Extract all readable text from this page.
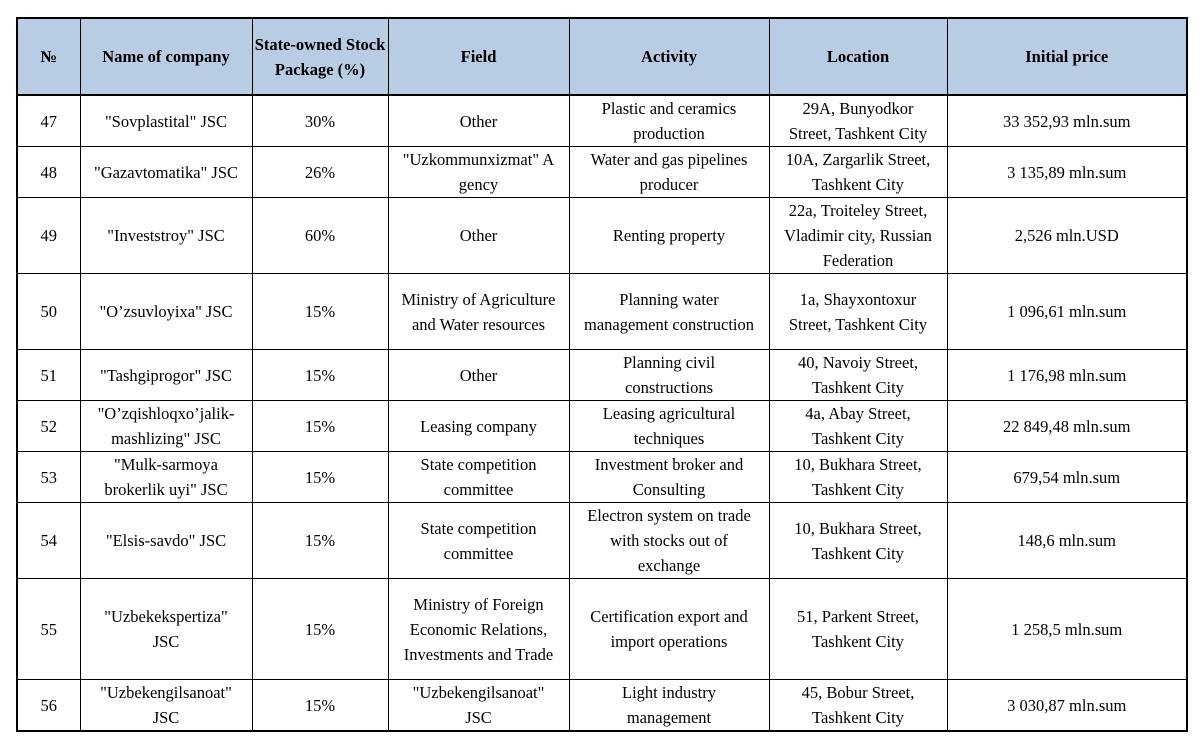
№	Name of company	State-owned Stock Package (%)	Field	Activity	Location	Initial price
47	"Sovplastital" JSC	30%	Other	Plastic and ceramics
production	29A, Bunyodkor
Street, Tashkent City	33 352,93 mln.sum
48	"Gazavtomatika" JSC	26%	"Uzkommunxizmat" A
gency	Water and gas pipelines
producer	10A, Zargarlik Street,
Tashkent City	3 135,89 mln.sum
49	"Investstroy" JSC	60%	Other	Renting property	22a, Troiteley Street,
Vladimir city, Russian
Federation	2,526 mln.USD
50	"O’zsuvloyixa" JSC	15%	Ministry of Agriculture
and Water resources	Planning water
management construction	1a, Shayxontoxur
Street, Tashkent City	1 096,61 mln.sum
51	"Tashgiprogor" JSC	15%	Other	Planning civil
constructions	40, Navoiy Street,
Tashkent City	1 176,98 mln.sum
52	"O’zqishloqxo’jalik-
mashlizing" JSC	15%	Leasing company	Leasing agricultural
techniques	4a, Abay Street,
Tashkent City	22 849,48 mln.sum
53	"Mulk-sarmoya
brokerlik uyi" JSC	15%	State competition
committee	Investment broker and
Consulting	10, Bukhara Street,
Tashkent City	679,54 mln.sum
54	"Elsis-savdo" JSC	15%	State competition
committee	Electron system on trade
with stocks out of
exchange	10, Bukhara Street,
Tashkent City	148,6 mln.sum
55	"Uzbekekspertiza"
JSC	15%	Ministry of Foreign
Economic Relations,
Investments and Trade	Certification export and
import operations	51, Parkent Street,
Tashkent City	1 258,5 mln.sum
56	"Uzbekengilsanoat"
JSC	15%	"Uzbekengilsanoat"
JSC	Light industry
management	45, Bobur Street,
Tashkent City	3 030,87 mln.sum
